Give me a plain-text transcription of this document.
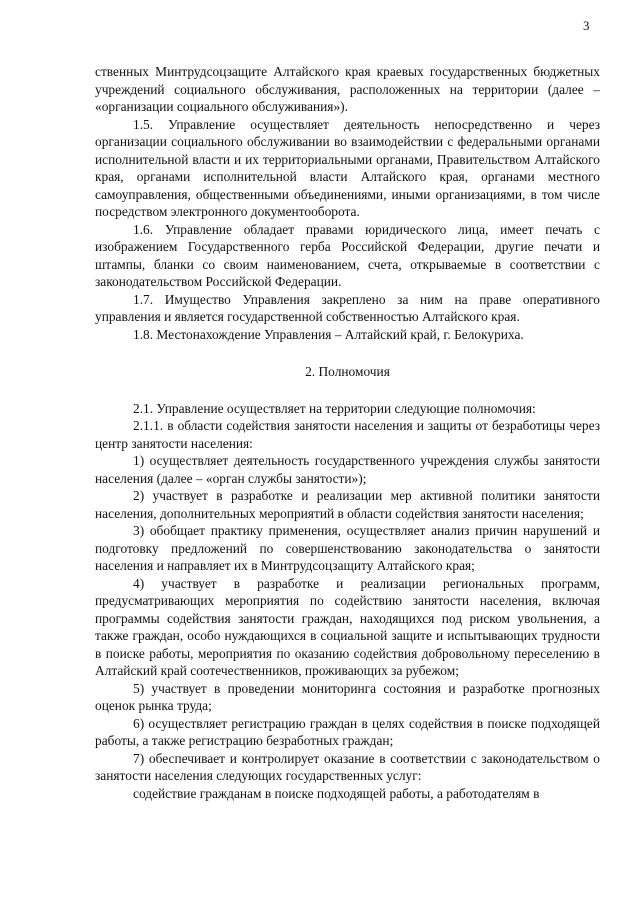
3

ственных Минтрудсоцзащите Алтайского края краевых государственных бюджетных учреждений социального обслуживания, расположенных на территории (далее – «организации социального обслуживания»).

1.5. Управление осуществляет деятельность непосредственно и через организации социального обслуживании во взаимодействии с федеральными органами исполнительной власти и их территориальными органами, Правительством Алтайского края, органами исполнительной власти Алтайского края, органами местного самоуправления, общественными объединениями, иными организациями, в том числе посредством электронного документооборота.

1.6. Управление обладает правами юридического лица, имеет печать с изображением Государственного герба Российской Федерации, другие печати и штампы, бланки со своим наименованием, счета, открываемые в соответствии с законодательством Российской Федерации.

1.7. Имущество Управления закреплено за ним на праве оперативного управления и является государственной собственностью Алтайского края.

1.8. Местонахождение Управления – Алтайский край, г. Белокуриха.

2. Полномочия

2.1. Управление осуществляет на территории следующие полномочия:

2.1.1. в области содействия занятости населения и защиты от безработицы через центр занятости населения:

1) осуществляет деятельность государственного учреждения службы занятости населения (далее – «орган службы занятости»);

2) участвует в разработке и реализации мер активной политики занятости населения, дополнительных мероприятий в области содействия занятости населения;

3) обобщает практику применения, осуществляет анализ причин нарушений и подготовку предложений по совершенствованию законодательства о занятости населения и направляет их в Минтрудсоцзащиту Алтайского края;

4) участвует в разработке и реализации региональных программ, предусматривающих мероприятия по содействию занятости населения, включая программы содействия занятости граждан, находящихся под риском увольнения, а также граждан, особо нуждающихся в социальной защите и испытывающих трудности в поиске работы, мероприятия по оказанию содействия добровольному переселению в Алтайский край соотечественников, проживающих за рубежом;

5) участвует в проведении мониторинга состояния и разработке прогнозных оценок рынка труда;

6) осуществляет регистрацию граждан в целях содействия в поиске подходящей работы, а также регистрацию безработных граждан;

7) обеспечивает и контролирует оказание в соответствии с законодательством о занятости населения следующих государственных услуг:

содействие гражданам в поиске подходящей работы, а работодателям в
